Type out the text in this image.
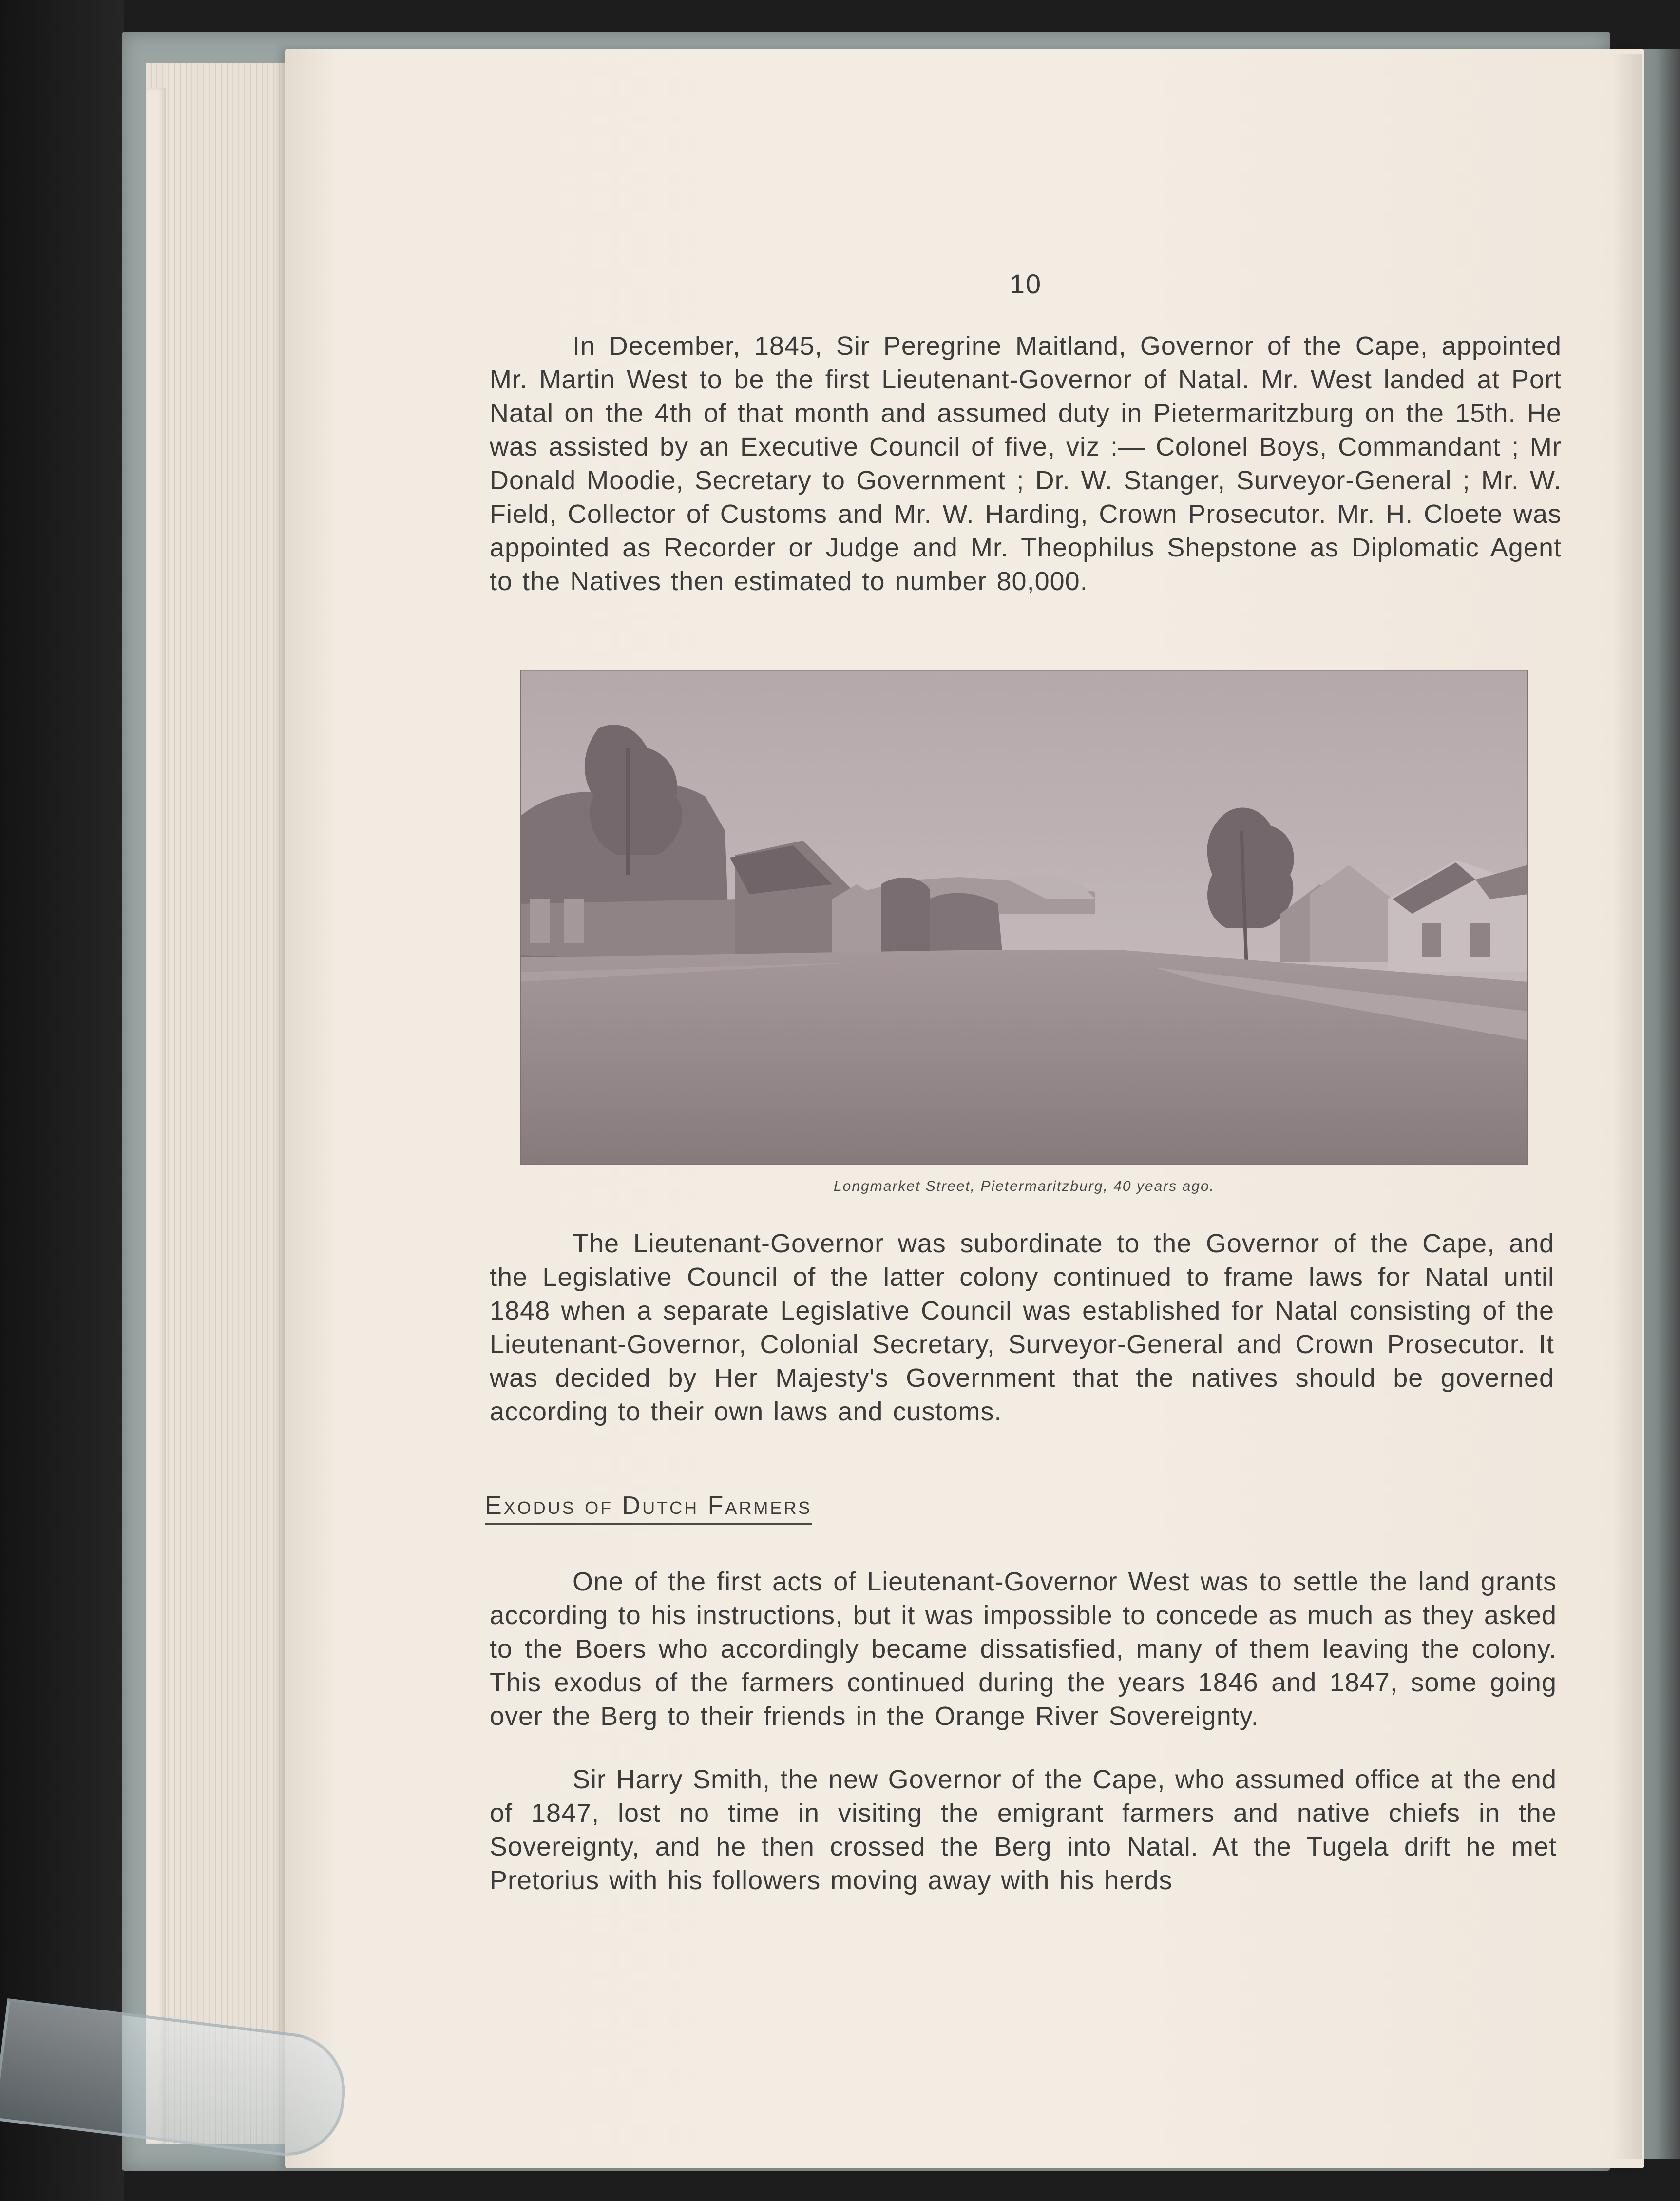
10
In December, 1845, Sir Peregrine Maitland, Governor of the Cape, appointed Mr. Martin West to be the first Lieutenant-Governor of Natal. Mr. West landed at Port Natal on the 4th of that month and assumed duty in Pietermaritzburg on the 15th. He was assisted by an Executive Council of five, viz :— Colonel Boys, Commandant ; Mr Donald Moodie, Secretary to Government ; Dr. W. Stanger, Surveyor-General ; Mr. W. Field, Collector of Customs and Mr. W. Harding, Crown Prosecutor. Mr. H. Cloete was appointed as Recorder or Judge and Mr. Theophilus Shepstone as Diplomatic Agent to the Natives then estimated to number 80,000.
Longmarket Street, Pietermaritzburg, 40 years ago.
The Lieutenant-Governor was subordinate to the Governor of the Cape, and the Legislative Council of the latter colony continued to frame laws for Natal until 1848 when a separate Legislative Council was established for Natal consisting of the Lieutenant-Governor, Colonial Secretary, Surveyor-General and Crown Prosecutor. It was decided by Her Majesty's Government that the natives should be governed according to their own laws and customs.
Exodus of Dutch Farmers
One of the first acts of Lieutenant-Governor West was to settle the land grants according to his instructions, but it was impossible to concede as much as they asked to the Boers who accordingly became dissatisfied, many of them leaving the colony. This exodus of the farmers continued during the years 1846 and 1847, some going over the Berg to their friends in the Orange River Sovereignty.
Sir Harry Smith, the new Governor of the Cape, who assumed office at the end of 1847, lost no time in visiting the emigrant farmers and native chiefs in the Sovereignty, and he then crossed the Berg into Natal. At the Tugela drift he met Pretorius with his followers moving away with his herds
